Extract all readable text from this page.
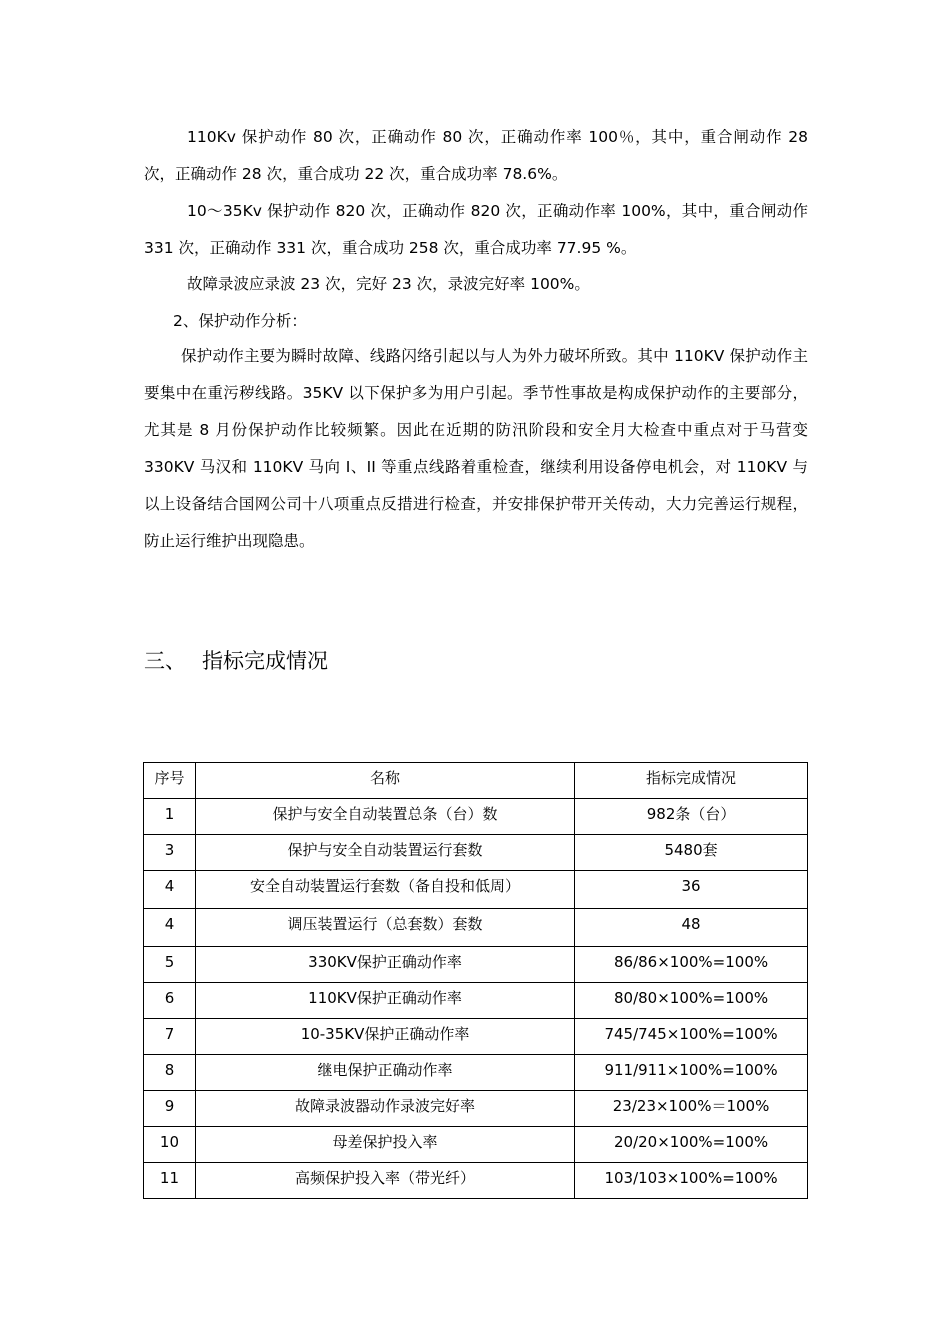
110Kv 保护动作 80 次，正确动作 80 次，正确动作率 100％，其中，重合闸动作 28 次，正确动作 28 次，重合成功 22 次，重合成功率 78.6%。

10～35Kv 保护动作 820 次，正确动作 820 次，正确动作率 100%，其中，重合闸动作 331 次，正确动作 331 次，重合成功 258 次，重合成功率 77.95 %。

故障录波应录波 23 次，完好 23 次，录波完好率 100%。

2、保护动作分析：

保护动作主要为瞬时故障、线路闪络引起以与人为外力破坏所致。其中 110KV 保护动作主要集中在重污秽线路。35KV 以下保护多为用户引起。季节性事故是构成保护动作的主要部分，尤其是 8 月份保护动作比较频繁。因此在近期的防汛阶段和安全月大检查中重点对于马营变 330KV 马汉和 110KV 马向 I、II 等重点线路着重检查，继续利用设备停电机会，对 110KV 与以上设备结合国网公司十八项重点反措进行检查，并安排保护带开关传动，大力完善运行规程，防止运行维护出现隐患。

三、 指标完成情况
序号	名称	指标完成情况
1	保护与安全自动装置总条（台）数	982条（台）
3	保护与安全自动装置运行套数	5480套
4	安全自动装置运行套数（备自投和低周）	36
4	调压装置运行（总套数）套数	48
5	330KV保护正确动作率	86/86×100%=100%
6	110KV保护正确动作率	80/80×100%=100%
7	10-35KV保护正确动作率	745/745×100%=100%
8	继电保护正确动作率	911/911×100%=100%
9	故障录波器动作录波完好率	23/23×100%＝100%
10	母差保护投入率	20/20×100%=100%
11	高频保护投入率（带光纤）	103/103×100%=100%
